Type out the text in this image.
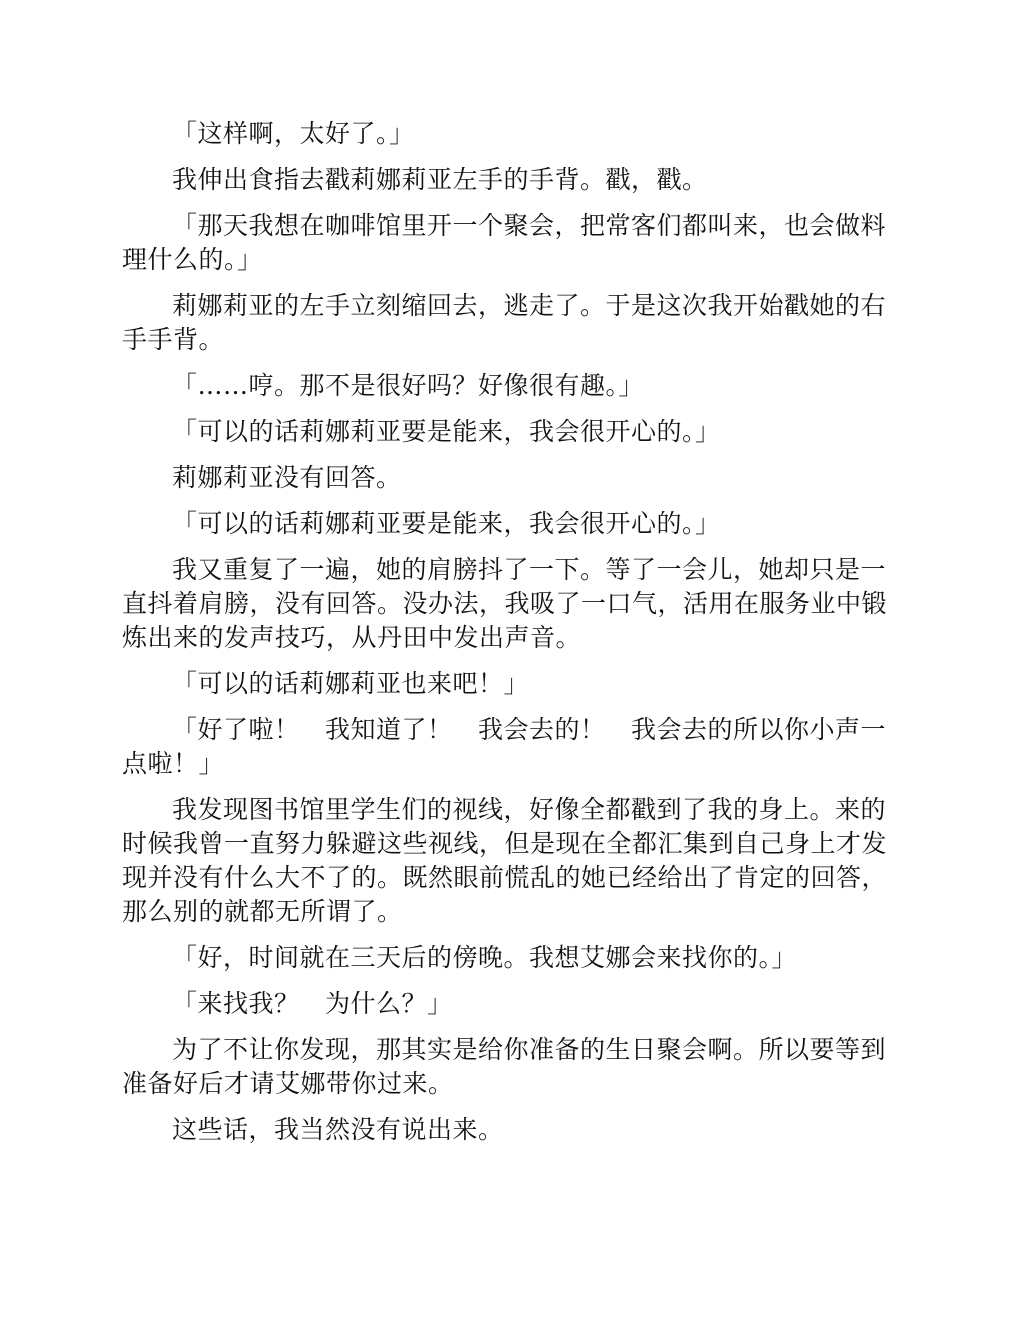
「这样啊，太好了。」

我伸出食指去戳莉娜莉亚左手的手背。戳，戳。

「那天我想在咖啡馆里开一个聚会，把常客们都叫来，也会做料理什么的。」

莉娜莉亚的左手立刻缩回去，逃走了。于是这次我开始戳她的右手手背。

「……哼。那不是很好吗？好像很有趣。」

「可以的话莉娜莉亚要是能来，我会很开心的。」

莉娜莉亚没有回答。

「可以的话莉娜莉亚要是能来，我会很开心的。」

我又重复了一遍，她的肩膀抖了一下。等了一会儿，她却只是一直抖着肩膀，没有回答。没办法，我吸了一口气，活用在服务业中锻炼出来的发声技巧，从丹田中发出声音。

「可以的话莉娜莉亚也来吧！」

「好了啦！　我知道了！　我会去的！　我会去的所以你小声一点啦！」

我发现图书馆里学生们的视线，好像全都戳到了我的身上。来的时候我曾一直努力躲避这些视线，但是现在全都汇集到自己身上才发现并没有什么大不了的。既然眼前慌乱的她已经给出了肯定的回答，那么别的就都无所谓了。

「好，时间就在三天后的傍晚。我想艾娜会来找你的。」

「来找我？　为什么？」

为了不让你发现，那其实是给你准备的生日聚会啊。所以要等到准备好后才请艾娜带你过来。

这些话，我当然没有说出来。
